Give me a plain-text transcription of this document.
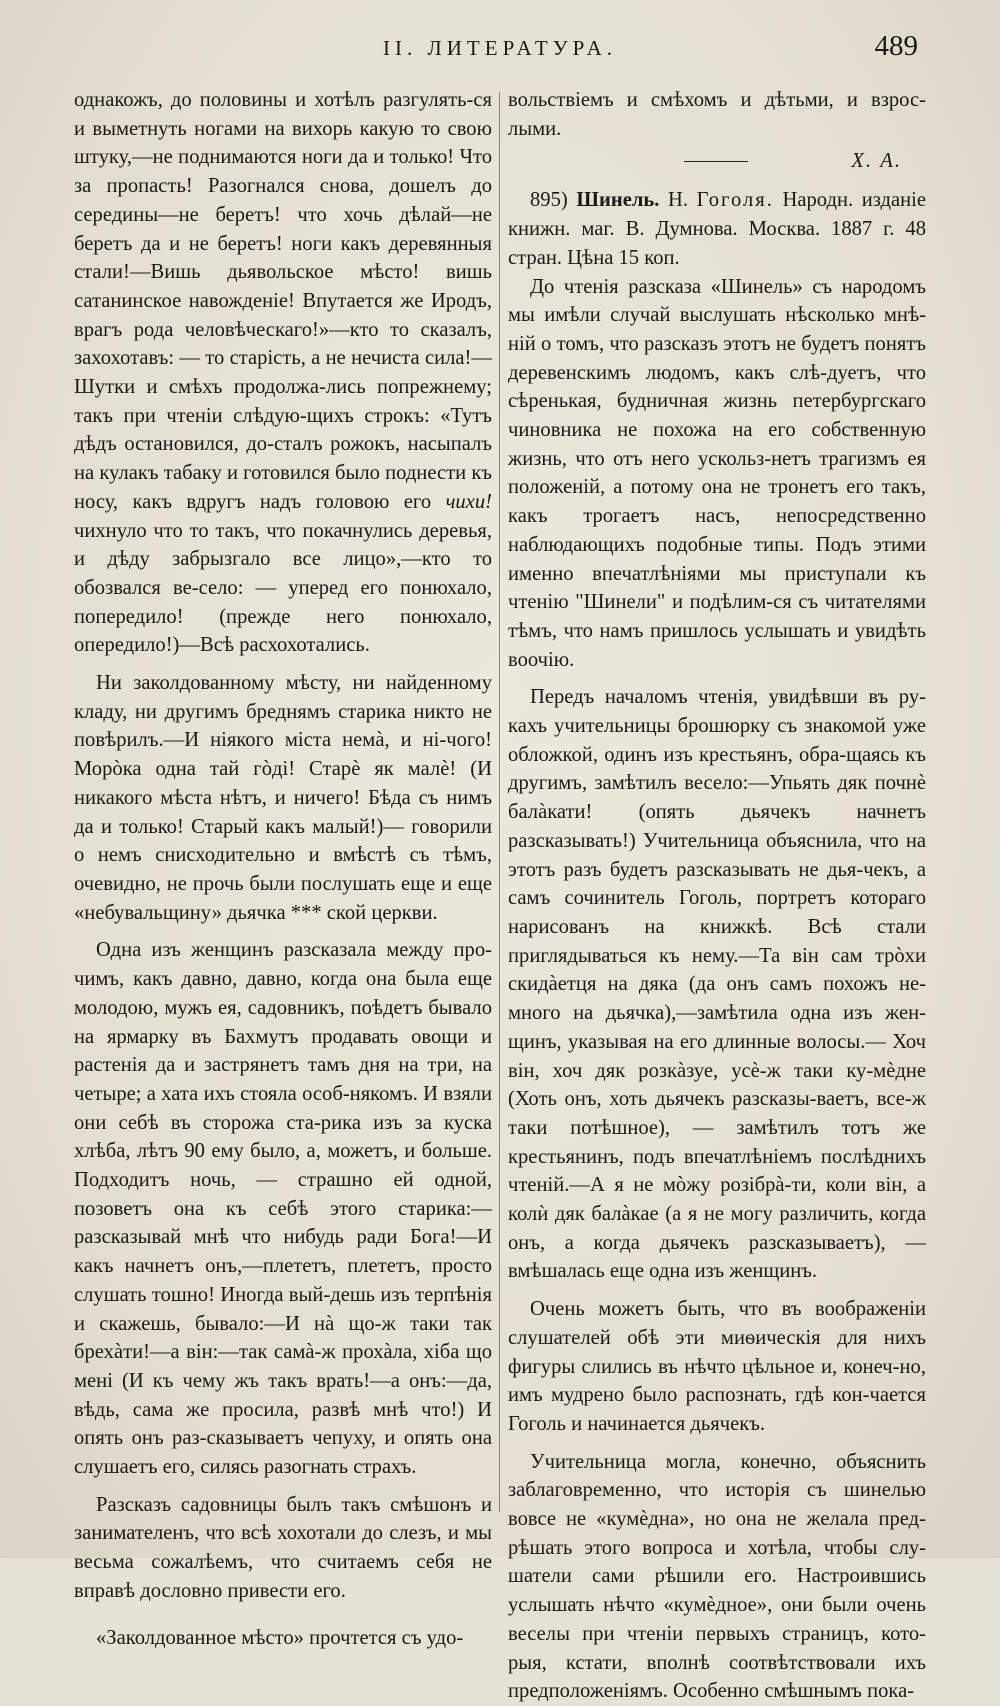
II. ЛИТЕРАТУРА.	489

однакожъ, до половины и хотѣлъ разгулять-ся и выметнуть ногами на вихорь какую то свою штуку,—не поднимаются ноги да и только! Что за пропасть! Разогнался снова, дошелъ до середины—не беретъ! что хочь дѣлай—не беретъ да и не беретъ! ноги какъ деревянныя стали!—Вишь дьявольское мѣсто! вишь сатанинское навожденіе! Впутается же Иродъ, врагъ рода человѣческаго!»—кто то сказалъ, захохотавъ: — то старість, а не нечиста сила!—Шутки и смѣхъ продолжа-лись попрежнему; такъ при чтеніи слѣдую-щихъ строкъ: «Тутъ дѣдъ остановился, до-сталъ рожокъ, насыпалъ на кулакъ табаку и готовился было поднести къ носу, какъ вдругъ надъ головою его чихи! чихнуло что то такъ, что покачнулись деревья, и дѣду забрызгало все лицо»,—кто то обозвался ве-село: — уперед его понюхало, попередило! (прежде него понюхало, опередило!)—Всѣ расхохотались.

Ни заколдованному мѣсту, ни найденному кладу, ни другимъ бреднямъ старика никто не повѣрилъ.—И ніякого міста немà, и ні-чого! Морòка одна тай гòді! Старè як малè! (И никакого мѣста нѣтъ, и ничего! Бѣда съ нимъ да и только! Старый какъ малый!)— говорили о немъ снисходительно и вмѣстѣ съ тѣмъ, очевидно, не прочь были послушать еще и еще «небувальщину» дьячка *** ской церкви.

Одна изъ женщинъ разсказала между про-чимъ, какъ давно, давно, когда она была еще молодою, мужъ ея, садовникъ, поѣдетъ бывало на ярмарку въ Бахмутъ продавать овощи и растенія да и застрянетъ тамъ дня на три, на четыре; а хата ихъ стояла особ-някомъ. И взяли они себѣ въ сторожа ста-рика изъ за куска хлѣба, лѣтъ 90 ему было, а, можетъ, и больше. Подходитъ ночь, — страшно ей одной, позоветъ она къ себѣ этого старика:—разсказывай мнѣ что нибудь ради Бога!—И какъ начнетъ онъ,—плететъ, плететъ, просто слушать тошно! Иногда вый-дешь изъ терпѣнія и скажешь, бывало:—И нà що-ж таки так брехàти!—а він:—так самà-ж прохàла, хіба що мені (И къ чему жъ такъ врать!—а онъ:—да, вѣдь, сама же просила, развѣ мнѣ что!) И опять онъ раз-сказываетъ чепуху, и опять она слушаетъ его, силясь разогнать страхъ.

Разсказъ садовницы былъ такъ смѣшонъ и занимателенъ, что всѣ хохотали до слезъ, и мы весьма сожалѣемъ, что считаемъ себя не вправѣ дословно привести его.

«Заколдованное мѣсто» прочтется съ удо-

вольствіемъ и смѣхомъ и дѣтьми, и взрос-лыми.

Х. А.

895) Шинель. Н. Гоголя. Народн. изданіе книжн. маг. В. Думнова. Москва. 1887 г. 48 стран. Цѣна 15 коп.

До чтенія разсказа «Шинель» съ народомъ мы имѣли случай выслушать нѣсколько мнѣ-ній о томъ, что разсказъ этотъ не будетъ понятъ деревенскимъ людомъ, какъ слѣ-дуетъ, что сѣренькая, будничная жизнь петербургскаго чиновника не похожа на его собственную жизнь, что отъ него ускольз-нетъ трагизмъ ея положеній, а потому она не тронетъ его такъ, какъ трогаетъ насъ, непосредственно наблюдающихъ подобные типы. Подъ этими именно впечатлѣніями мы приступали къ чтенію "Шинели" и подѣлим-ся съ читателями тѣмъ, что намъ пришлось услышать и увидѣть воочію.

Передъ началомъ чтенія, увидѣвши въ ру-кахъ учительницы брошюрку съ знакомой уже обложкой, одинъ изъ крестьянъ, обра-щаясь къ другимъ, замѣтилъ весело:—Упьять дяк почнè балàкати! (опять дьячекъ начнетъ разсказывать!) Учительница объяснила, что на этотъ разъ будетъ разсказывать не дья-чекъ, а самъ сочинитель Гоголь, портретъ котораго нарисованъ на книжкѣ. Всѣ стали приглядываться къ нему.—Та він сам трòхи скидàетця на дяка (да онъ самъ похожъ не-много на дьячка),—замѣтила одна изъ жен-щинъ, указывая на его длинные волосы.— Хоч він, хоч дяк розкàзуе, усè-ж таки ку-мèдне (Хоть онъ, хоть дьячекъ разсказы-ваетъ, все-ж таки потѣшное), — замѣтилъ тотъ же крестьянинъ, подъ впечатлѣніемъ послѣднихъ чтеній.—А я не мòжу розібрà-ти, коли він, а колѝ дяк балàкае (а я не могу различить, когда онъ, а когда дьячекъ разсказываетъ), — вмѣшалась еще одна изъ женщинъ.

Очень можетъ быть, что въ воображеніи слушателей обѣ эти миѳическія для нихъ фигуры слились въ нѣчто цѣльное и, конеч-но, имъ мудрено было распознать, гдѣ кон-чается Гоголь и начинается дьячекъ.

Учительница могла, конечно, объяснить заблаговременно, что исторія съ шинелью вовсе не «кумèдна», но она не желала пред-рѣшать этого вопроса и хотѣла, чтобы слу-шатели сами рѣшили его. Настроившись услышать нѣчто «кумèдное», они были очень веселы при чтеніи первыхъ страницъ, кото-рыя, кстати, вполнѣ соотвѣтствовали ихъ предположеніямъ. Особенно смѣшнымъ пока-
